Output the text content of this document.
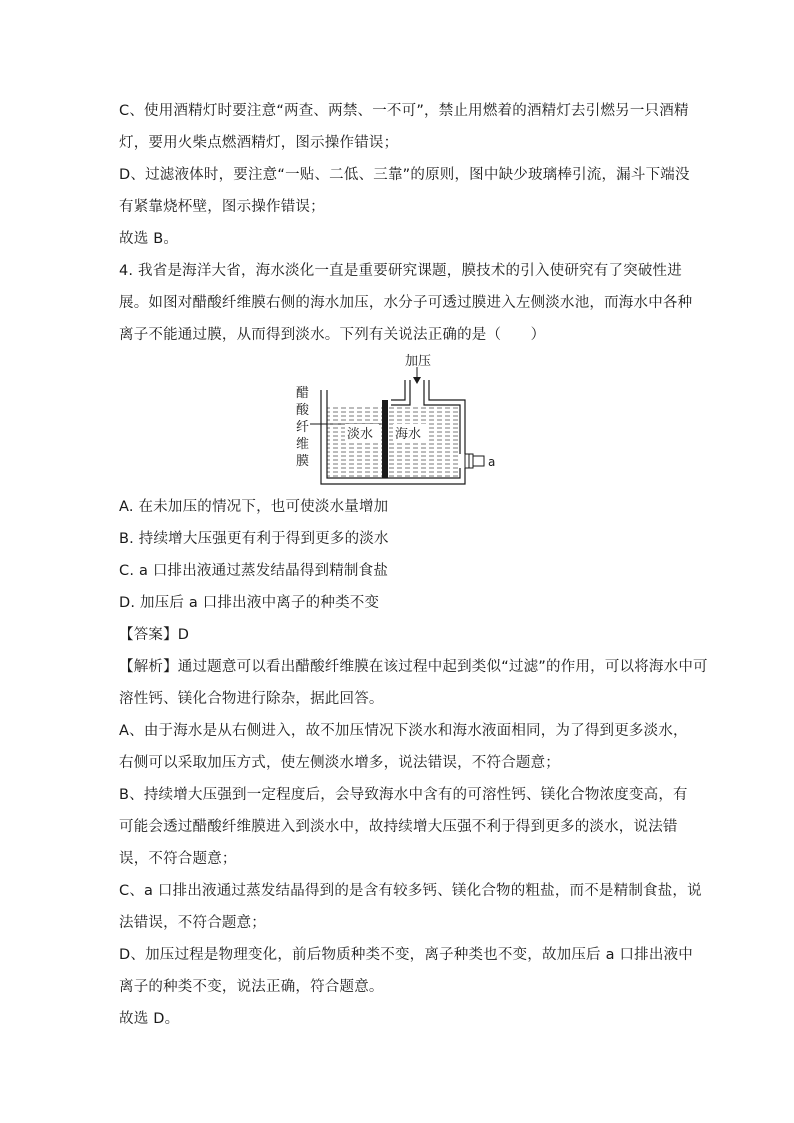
C、使用酒精灯时要注意“两查、两禁、一不可”，禁止用燃着的酒精灯去引燃另一只酒精
灯，要用火柴点燃酒精灯，图示操作错误；
D、过滤液体时，要注意“一贴、二低、三靠”的原则，图中缺少玻璃棒引流，漏斗下端没
有紧靠烧杯壁，图示操作错误；
故选 B。
4. 我省是海洋大省，海水淡化一直是重要研究课题，膜技术的引入使研究有了突破性进
展。如图对醋酸纤维膜右侧的海水加压，水分子可透过膜进入左侧淡水池，而海水中各种
离子不能通过膜，从而得到淡水。下列有关说法正确的是（　　）
醋
酸
纤
维
膜	a
加压
淡水 海水
A. 在未加压的情况下，也可使淡水量增加
B. 持续增大压强更有利于得到更多的淡水
C. a 口排出液通过蒸发结晶得到精制食盐
D. 加压后 a 口排出液中离子的种类不变
【答案】D
【解析】通过题意可以看出醋酸纤维膜在该过程中起到类似“过滤”的作用，可以将海水中可
溶性钙、镁化合物进行除杂，据此回答。
A、由于海水是从右侧进入，故不加压情况下淡水和海水液面相同，为了得到更多淡水，
右侧可以采取加压方式，使左侧淡水增多，说法错误，不符合题意；
B、持续增大压强到一定程度后，会导致海水中含有的可溶性钙、镁化合物浓度变高，有
可能会透过醋酸纤维膜进入到淡水中，故持续增大压强不利于得到更多的淡水，说法错
误，不符合题意；
C、a 口排出液通过蒸发结晶得到的是含有较多钙、镁化合物的粗盐，而不是精制食盐，说
法错误，不符合题意；
D、加压过程是物理变化，前后物质种类不变，离子种类也不变，故加压后 a 口排出液中
离子的种类不变，说法正确，符合题意。
故选 D。
